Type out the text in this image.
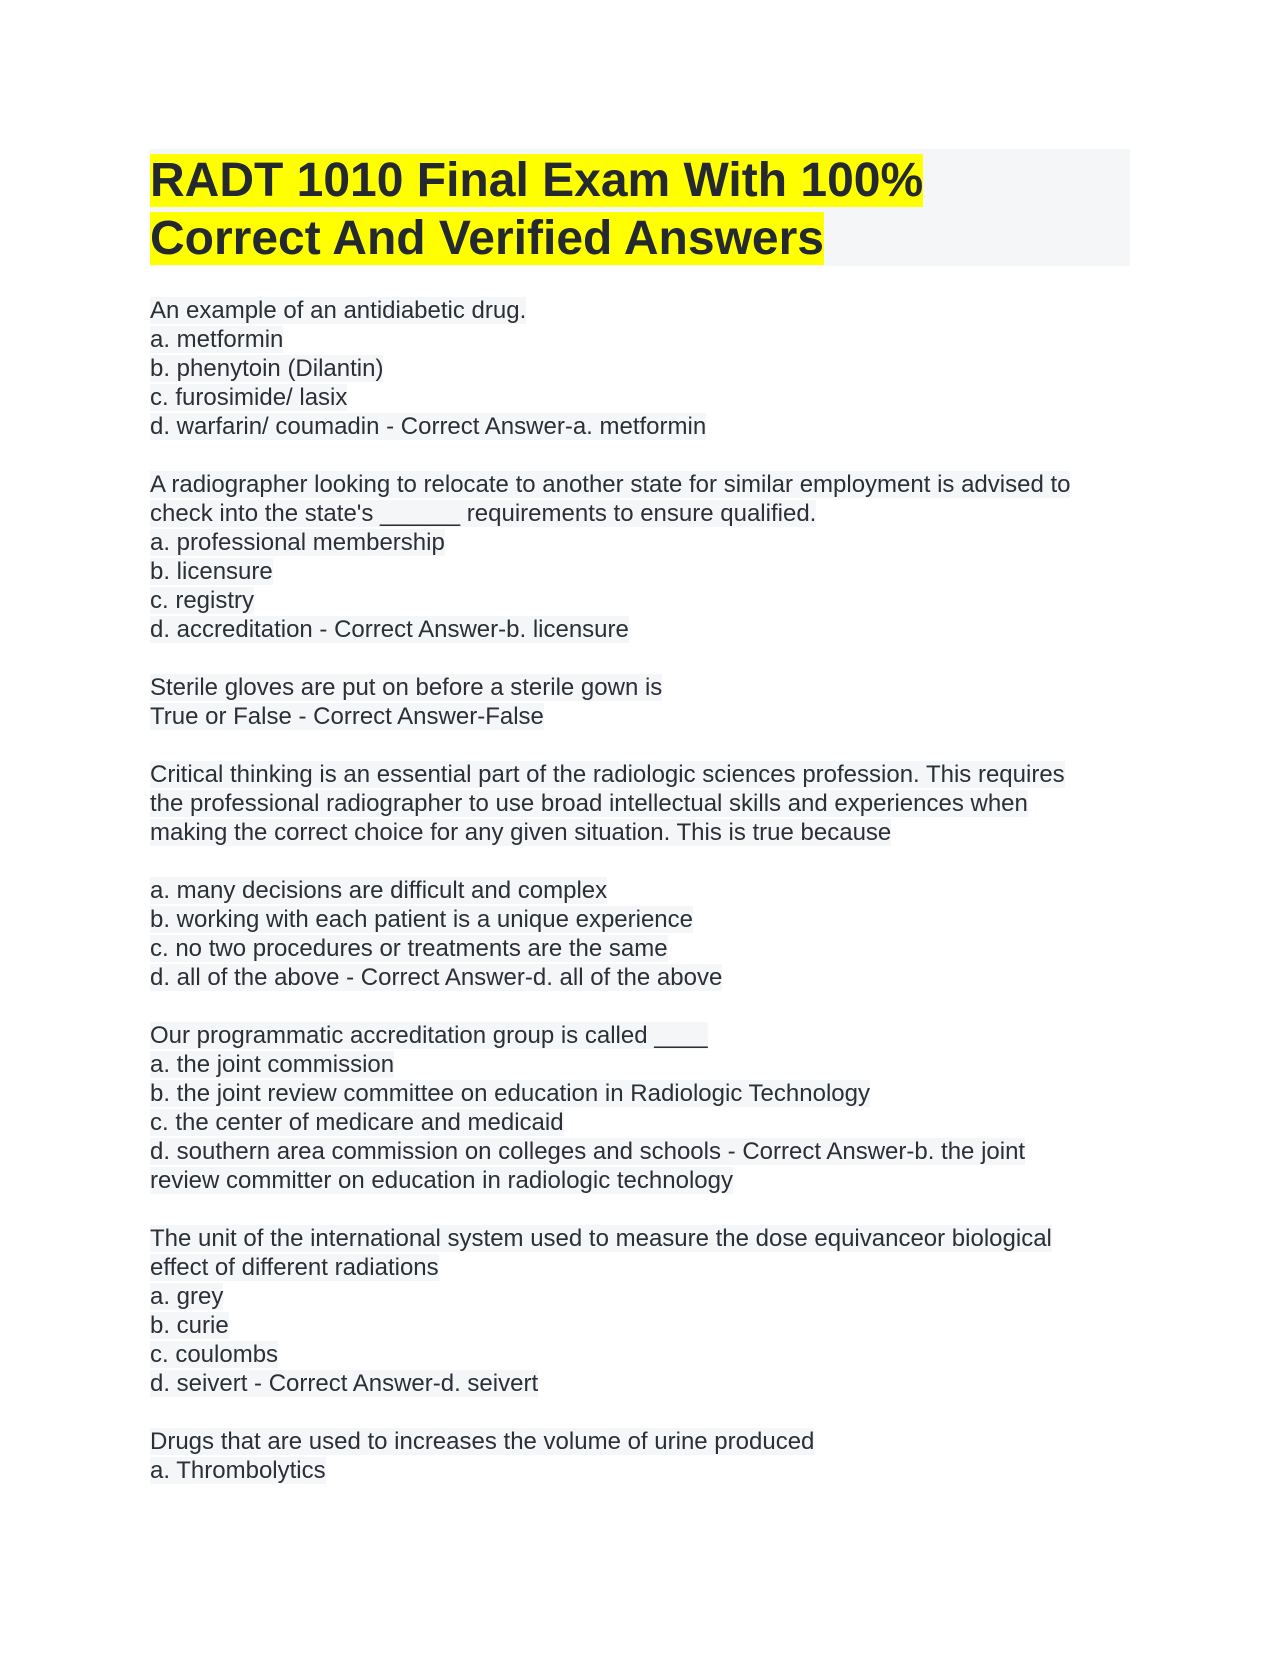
RADT 1010 Final Exam With 100%
Correct And Verified Answers
An example of an antidiabetic drug.
a. metformin
b. phenytoin (Dilantin)
c. furosimide/ lasix
d. warfarin/ coumadin - Correct Answer-a. metformin
A radiographer looking to relocate to another state for similar employment is advised to
check into the state's ______ requirements to ensure qualified.
a. professional membership
b. licensure
c. registry
d. accreditation - Correct Answer-b. licensure
Sterile gloves are put on before a sterile gown is
True or False - Correct Answer-False
Critical thinking is an essential part of the radiologic sciences profession. This requires
the professional radiographer to use broad intellectual skills and experiences when
making the correct choice for any given situation. This is true because
a. many decisions are difficult and complex
b. working with each patient is a unique experience
c. no two procedures or treatments are the same
d. all of the above - Correct Answer-d. all of the above
Our programmatic accreditation group is called ____
a. the joint commission
b. the joint review committee on education in Radiologic Technology
c. the center of medicare and medicaid
d. southern area commission on colleges and schools - Correct Answer-b. the joint
review committer on education in radiologic technology
The unit of the international system used to measure the dose equivanceor biological
effect of different radiations
a. grey
b. curie
c. coulombs
d. seivert - Correct Answer-d. seivert
Drugs that are used to increases the volume of urine produced
a. Thrombolytics
